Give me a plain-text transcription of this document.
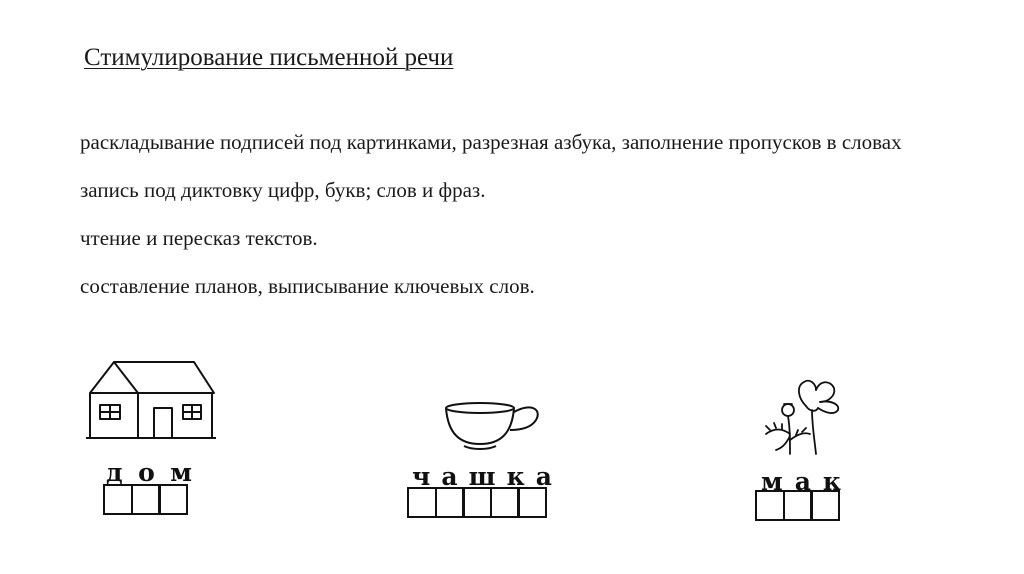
Стимулирование письменной речи

раскладывание подписей под картинками, разрезная азбука, заполнение пропусков в словах

запись под диктовку цифр, букв; слов и фраз.

чтение и пересказ текстов.

составление планов, выписывание ключевых слов.

д о м	ч а ш к а	м а к
